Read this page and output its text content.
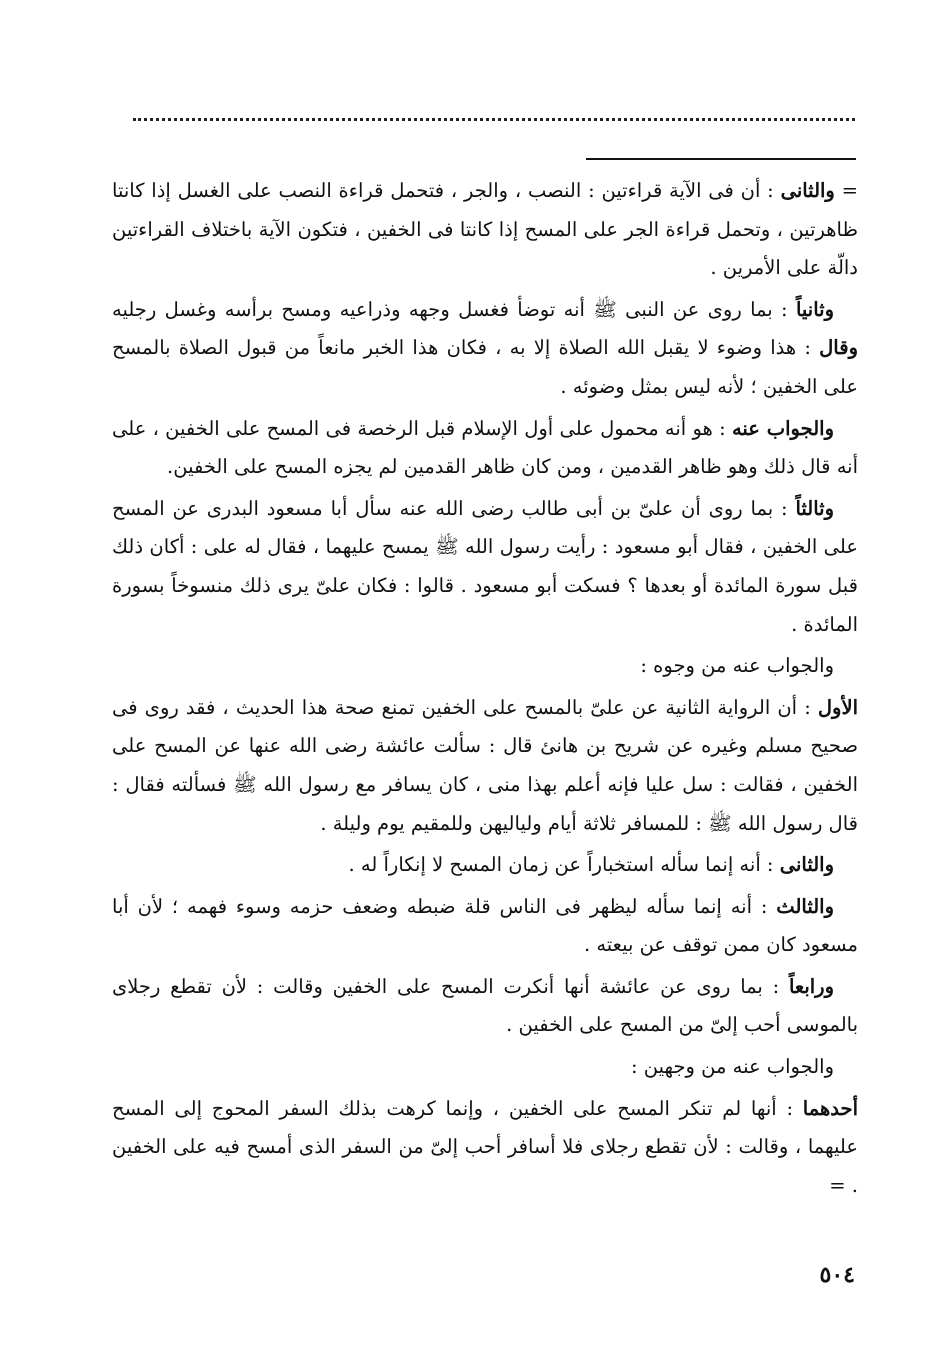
= والثانى : أن فى الآية قراءتين : النصب ، والجر ، فتحمل قراءة النصب على الغسل إذا كانتا ظاهرتين ، وتحمل قراءة الجر على المسح إذا كانتا فى الخفين ، فتكون الآية باختلاف القراءتين دالّة على الأمرين .

وثانياً : بما روى عن النبى ﷺ أنه توضأ فغسل وجهه وذراعيه ومسح برأسه وغسل رجليه وقال : هذا وضوء لا يقبل الله الصلاة إلا به ، فكان هذا الخبر مانعاً من قبول الصلاة بالمسح على الخفين ؛ لأنه ليس بمثل وضوئه .

والجواب عنه : هو أنه محمول على أول الإسلام قبل الرخصة فى المسح على الخفين ، على أنه قال ذلك وهو ظاهر القدمين ، ومن كان ظاهر القدمين لم يجزه المسح على الخفين.

وثالثاً : بما روى أن علىّ بن أبى طالب رضى الله عنه سأل أبا مسعود البدرى عن المسح على الخفين ، فقال أبو مسعود : رأيت رسول الله ﷺ يمسح عليهما ، فقال له على : أكان ذلك قبل سورة المائدة أو بعدها ؟ فسكت أبو مسعود . قالوا : فكان علىّ يرى ذلك منسوخاً بسورة المائدة .

والجواب عنه من وجوه :

الأول : أن الرواية الثانية عن علىّ بالمسح على الخفين تمنع صحة هذا الحديث ، فقد روى فى صحيح مسلم وغيره عن شريح بن هانئ قال : سألت عائشة رضى الله عنها عن المسح على الخفين ، فقالت : سل عليا فإنه أعلم بهذا منى ، كان يسافر مع رسول الله ﷺ فسألته فقال : قال رسول الله ﷺ : للمسافر ثلاثة أيام ولياليهن وللمقيم يوم وليلة .

والثانى : أنه إنما سأله استخباراً عن زمان المسح لا إنكاراً له .

والثالث : أنه إنما سأله ليظهر فى الناس قلة ضبطه وضعف حزمه وسوء فهمه ؛ لأن أبا مسعود كان ممن توقف عن بيعته .

ورابعاً : بما روى عن عائشة أنها أنكرت المسح على الخفين وقالت : لأن تقطع رجلاى بالموسى أحب إلىّ من المسح على الخفين .

والجواب عنه من وجهين :

أحدهما : أنها لم تنكر المسح على الخفين ، وإنما كرهت بذلك السفر المحوج إلى المسح عليهما ، وقالت : لأن تقطع رجلاى فلا أسافر أحب إلىّ من السفر الذى أمسح فيه على الخفين . =

٥٠٤
